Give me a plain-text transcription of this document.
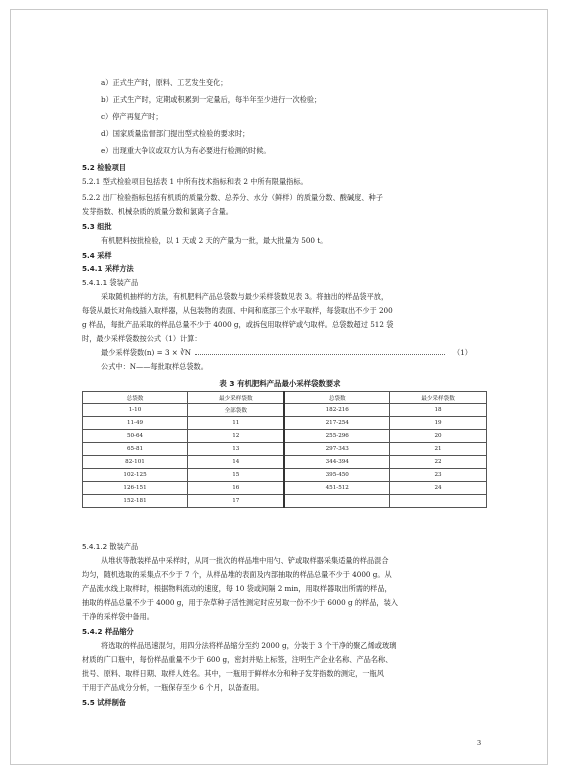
a）正式生产时，原料、工艺发生变化；
b）正式生产时，定期或积累到一定量后，每半年至少进行一次检验；
c）停产再复产时；
d）国家质量监督部门提出型式检验的要求时；
e）出现重大争议或双方认为有必要进行检测的时候。
5.2 检验项目
5.2.1 型式检验项目包括表 1 中所有技术指标和表 2 中所有限量指标。
5.2.2 出厂检验指标包括有机质的质量分数、总养分、水分（鲜样）的质量分数、酸碱度、种子
发芽指数、机械杂质的质量分数和氯离子含量。
5.3 组批
有机肥料按批检验，以 1 天或 2 天的产量为一批，最大批量为 500 t。
5.4 采样
5.4.1 采样方法
5.4.1.1 袋装产品
采取随机抽样的方法，有机肥料产品总袋数与最少采样袋数见表 3。将抽出的样品袋平放，
每袋从最长对角线插入取样器，从包装物的表面、中间和底部三个水平取样，每袋取出不少于 200
g 样品，每批产品采取的样品总量不少于 4000 g，或拆包用取样铲或勺取样。总袋数超过 512 袋
时，最少采样袋数按公式（1）计算：
最少采样袋数(n) = 3 × ∛N	（1）
公式中：N——每批取样总袋数。
表 3 有机肥料产品最小采样袋数要求
总袋数	最少采样袋数	总袋数	最少采样袋数
1-10	全部袋数	182-216	18
11-49	11	217-254	19
50-64	12	255-296	20
65-81	13	297-343	21
82-101	14	344-394	22
102-125	15	395-450	23
126-151	16	451-512	24
152-181	17		
5.4.1.2 散装产品
从堆状等散装样品中采样时，从同一批次的样品堆中用勺、铲或取样器采集适量的样品混合
均匀，随机选取的采集点不少于 7 个，从样品堆的表面及内部抽取的样品总量不少于 4000 g。从
产品流水线上取样时，根据物料流动的速度，每 10 袋或间隔 2 min，用取样器取出所需的样品，
抽取的样品总量不少于 4000 g，用于杂草种子活性测定时应另取一份不少于 6000 g 的样品，装入
干净的采样袋中备用。
5.4.2 样品缩分
将选取的样品迅速混匀，用四分法将样品缩分至约 2000 g，分装于 3 个干净的聚乙烯或玻璃
材质的广口瓶中，每份样品重量不少于 600 g，密封并贴上标签，注明生产企业名称、产品名称、
批号、原料、取样日期、取样人姓名。其中，一瓶用于鲜样水分和种子发芽指数的测定，一瓶风
干用于产品成分分析，一瓶保存至少 6 个月，以备查用。
5.5 试样制备
3
